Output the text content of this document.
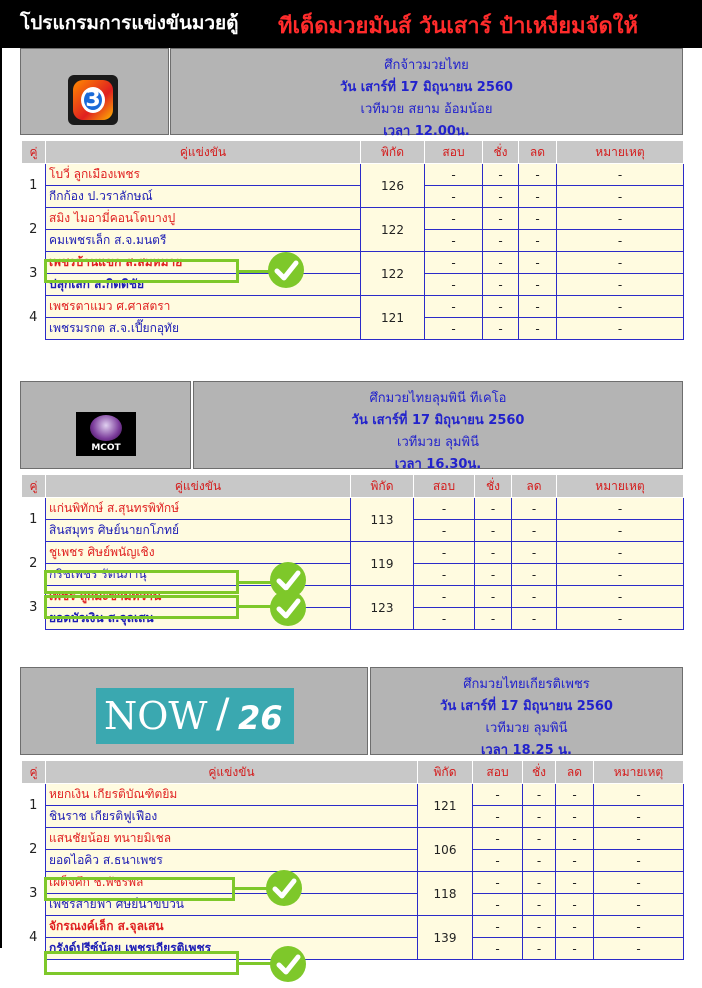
โปรแกรมการแข่งขันมวยตู้ ทีเด็ดมวยมันส์ วันเสาร์ ป๋าเหงี่ยมจัดให้
3
ศึกจ้าวมวยไทย
วัน เสาร์ที่ 17 มิถุนายน 2560
เวทีมวย สยาม อ้อมน้อย
เวลา 12.00น.
คู่	คู่แข่งขัน	พิกัด	สอบ	ชั่ง	ลด	หมายเหตุ
1	โบวี่ ลูกเมืองเพชร	126	-	-	-	-
	กีกก้อง ป.วราลักษณ์		-	-	-	-
2	สมิง ไมอามี่คอนโดบางปู	122	-	-	-	-
	คมเพชรเล็ก ส.จ.มนตรี		-	-	-	-
3	เพชรบ้านแขก ส.สมหมาย	122	-	-	-	-
	ปลุกเสก ส.กิตติชัย		-	-	-	-
4	เพชรตาแมว ศ.ศาสตรา	121	-	-	-	-
	เพชรมรกต ส.จ.เปี๊ยกอุทัย		-	-	-	-
MCOT
ศึกมวยไทยลุมพินี ทีเคโอ
วัน เสาร์ที่ 17 มิถุนายน 2560
เวทีมวย ลุมพินี
เวลา 16.30น.
คู่	คู่แข่งขัน	พิกัด	สอบ	ชั่ง	ลด	หมายเหตุ
1	แก่นพิทักษ์ ส.สุนทรพิทักษ์	113	-	-	-	-
	สินสมุทร ศิษย์นายกโภทย์		-	-	-	-
2	ชูเพชร ศิษย์พนัญเชิง	119	-	-	-	-
	กริชเพชร รัตนภานุ		-	-	-	-
3	เพชร ลูกมะขามหวาน	123	-	-	-	-
	ยอดบัวเงิน ส.จุลเสน		-	-	-	-
NOW / 26
ศึกมวยไทยเกียรติเพชร
วัน เสาร์ที่ 17 มิถุนายน 2560
เวทีมวย ลุมพินี
เวลา 18.25 น.
คู่	คู่แข่งขัน	พิกัด	สอบ	ชั่ง	ลด	หมายเหตุ
1	หยกเงิน เกียรติบัณฑิตยิม	121	-	-	-	-
	ชินราช เกียรติฟูเฟือง		-	-	-	-
2	แสนชัยน้อย ทนายมิเชล	106	-	-	-	-
	ยอดไอคิว ส.ธนาเพชร		-	-	-	-
3	เผด็จศึก ช.พัชรพล	118	-	-	-	-
	เพชรสายฟ้า ศิษย์น้าขบวน		-	-	-	-
4	จักรณงค์เล็ก ส.จุลเสน	139	-	-	-	-
	กรังด์ปรีซ์น้อย เพชรเกียรติเพชร		-	-	-	-
